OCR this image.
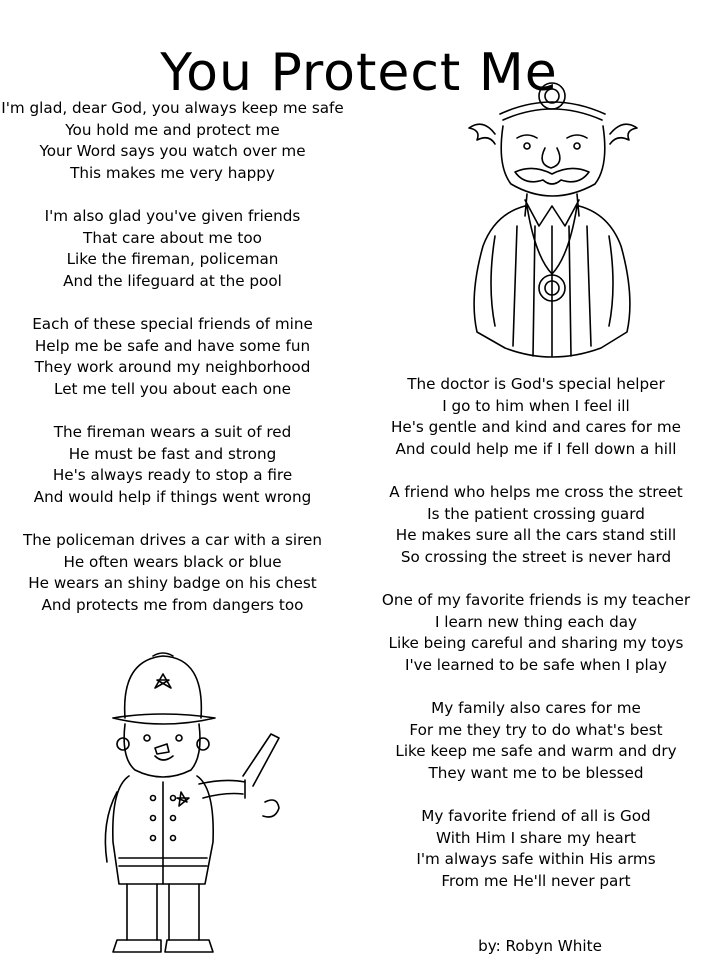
You Protect Me
I'm glad, dear God, you always keep me safe
You hold me and protect me
Your Word says you watch over me
This makes me very happy
I'm also glad you've given friends
That care about me too
Like the fireman, policeman
And the lifeguard at the pool
Each of these special friends of mine
Help me be safe and have some fun
They work around my neighborhood
Let me tell you about each one
The fireman wears a suit of red
He must be fast and strong
He's always ready to stop a fire
And would help if things went wrong
The policeman drives a car with a siren
He often wears black or blue
He wears an shiny badge on his chest
And protects me from dangers too
The doctor is God's special helper
I go to him when I feel ill
He's gentle and kind and cares for me
And could help me if I fell down a hill
A friend who helps me cross the street
Is the patient crossing guard
He makes sure all the cars stand still
So crossing the street is never hard
One of my favorite friends is my teacher
I learn new thing each day
Like being careful and sharing my toys
I've learned to be safe when I play
My family also cares for me
For me they try to do what's best
Like keep me safe and warm and dry
They want me to be blessed
My favorite friend of all is God
With Him I share my heart
I'm always safe within His arms
From me He'll never part
by: Robyn White
